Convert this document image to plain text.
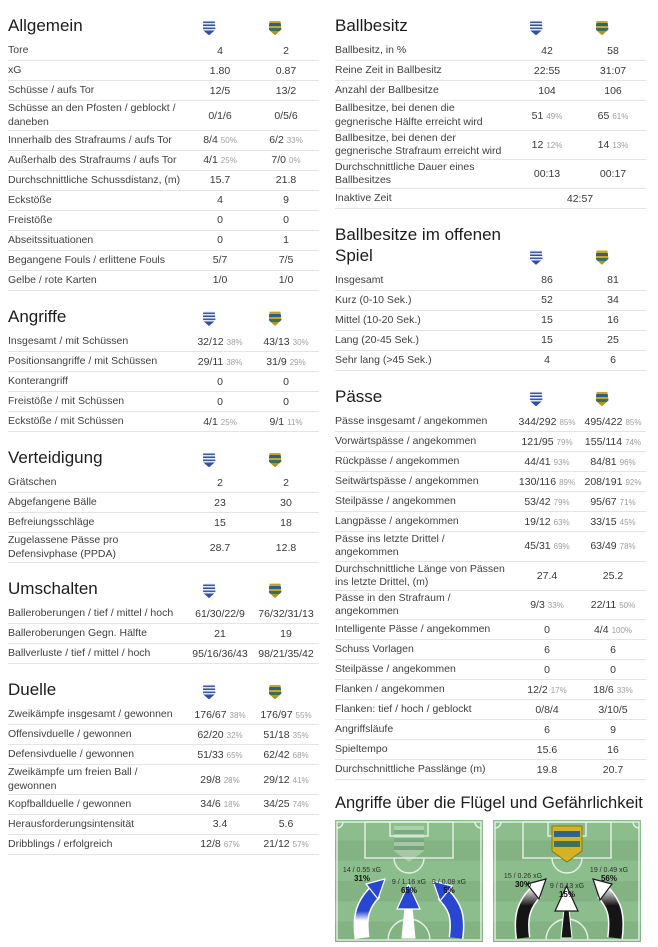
Allgemein
Tore	4	2
xG	1.80	0.87
Schüsse / aufs Tor	12/5	13/2
Schüsse an den Pfosten / geblockt / daneben	0/1/6	0/5/6
Innerhalb des Strafraums / aufs Tor	8/4 50%	6/2 33%
Außerhalb des Strafraums / aufs Tor	4/1 25%	7/0 0%
Durchschnittliche Schussdistanz, (m)	15.7	21.8
Eckstöße	4	9
Freistöße	0	0
Abseitssituationen	0	1
Begangene Fouls / erlittene Fouls	5/7	7/5
Gelbe / rote Karten	1/0	1/0
Angriffe
Insgesamt / mit Schüssen	32/12 38%	43/13 30%
Positionsangriffe / mit Schüssen	29/11 38%	31/9 29%
Konterangriff	0	0
Freistöße / mit Schüssen	0	0
Eckstöße / mit Schüssen	4/1 25%	9/1 11%
Verteidigung
Grätschen	2	2
Abgefangene Bälle	23	30
Befreiungsschläge	15	18
Zugelassene Pässe pro Defensivphase (PPDA)	28.7	12.8
Umschalten
Balleroberungen / tief / mittel / hoch	61/30/22/9	76/32/31/13
Balleroberungen Gegn. Hälfte	21	19
Ballverluste / tief / mittel / hoch	95/16/36/43	98/21/35/42
Duelle
Zweikämpfe insgesamt / gewonnen	176/67 38%	176/97 55%
Offensivduelle / gewonnen	62/20 32%	51/18 35%
Defensivduelle / gewonnen	51/33 65%	62/42 68%
Zweikämpfe um freien Ball / gewonnen	29/8 28%	29/12 41%
Kopfballduelle / gewonnen	34/6 18%	34/25 74%
Herausforderungsintensität	3.4	5.6
Dribblings / erfolgreich	12/8 67%	21/12 57%
Ballbesitz
Ballbesitz, in %	42	58
Reine Zeit in Ballbesitz	22:55	31:07
Anzahl der Ballbesitze	104	106
Ballbesitze, bei denen die gegnerische Hälfte erreicht wird	51 49%	65 61%
Ballbesitze, bei denen der gegnerische Strafraum erreicht wird	12 12%	14 13%
Durchschnittliche Dauer eines Ballbesitzes	00:13	00:17
Inaktive Zeit	42:57
Ballbesitze im offenen Spiel
Insgesamt	86	81
Kurz (0-10 Sek.)	52	34
Mittel (10-20 Sek.)	15	16
Lang (20-45 Sek.)	15	25
Sehr lang (>45 Sek.)	4	6
Pässe
Pässe insgesamt / angekommen	344/292 85% 495/422 85%
Vorwärtspässe / angekommen	121/95 79%	155/114 74%
Rückpässe / angekommen	44/41 93%	84/81 96%
Seitwärtspässe / angekommen	130/116 89% 208/191 92%
Steilpässe / angekommen	53/42 79%	95/67 71%
Langpässe / angekommen	19/12 63%	33/15 45%
Pässe ins letzte Drittel / angekommen	45/31 69%	63/49 78%
Durchschnittliche Länge von Pässen ins letzte Drittel, (m)	27.4	25.2
Pässe in den Strafraum / angekommen	9/3 33%	22/11 50%
Intelligente Pässe / angekommen	0	4/4 100%
Schuss Vorlagen	6	6
Steilpässe / angekommen	0	0
Flanken / angekommen	12/2 17%	18/6 33%
Flanken: tief / hoch / geblockt	0/8/4	3/10/5
Angriffsläufe	6	9
Spieltempo	15.6	16
Durchschnittliche Passlänge (m)	19.8	20.7
Angriffe über die Flügel und Gefährlichkeit
14 / 0.55 xG
31%	9 / 1.16 xG
65%
9 / 0.08 xG
5%
15 / 0.26 xG
30%	9 / 0.13 xG
15%
19 / 0.49 xG
56%
